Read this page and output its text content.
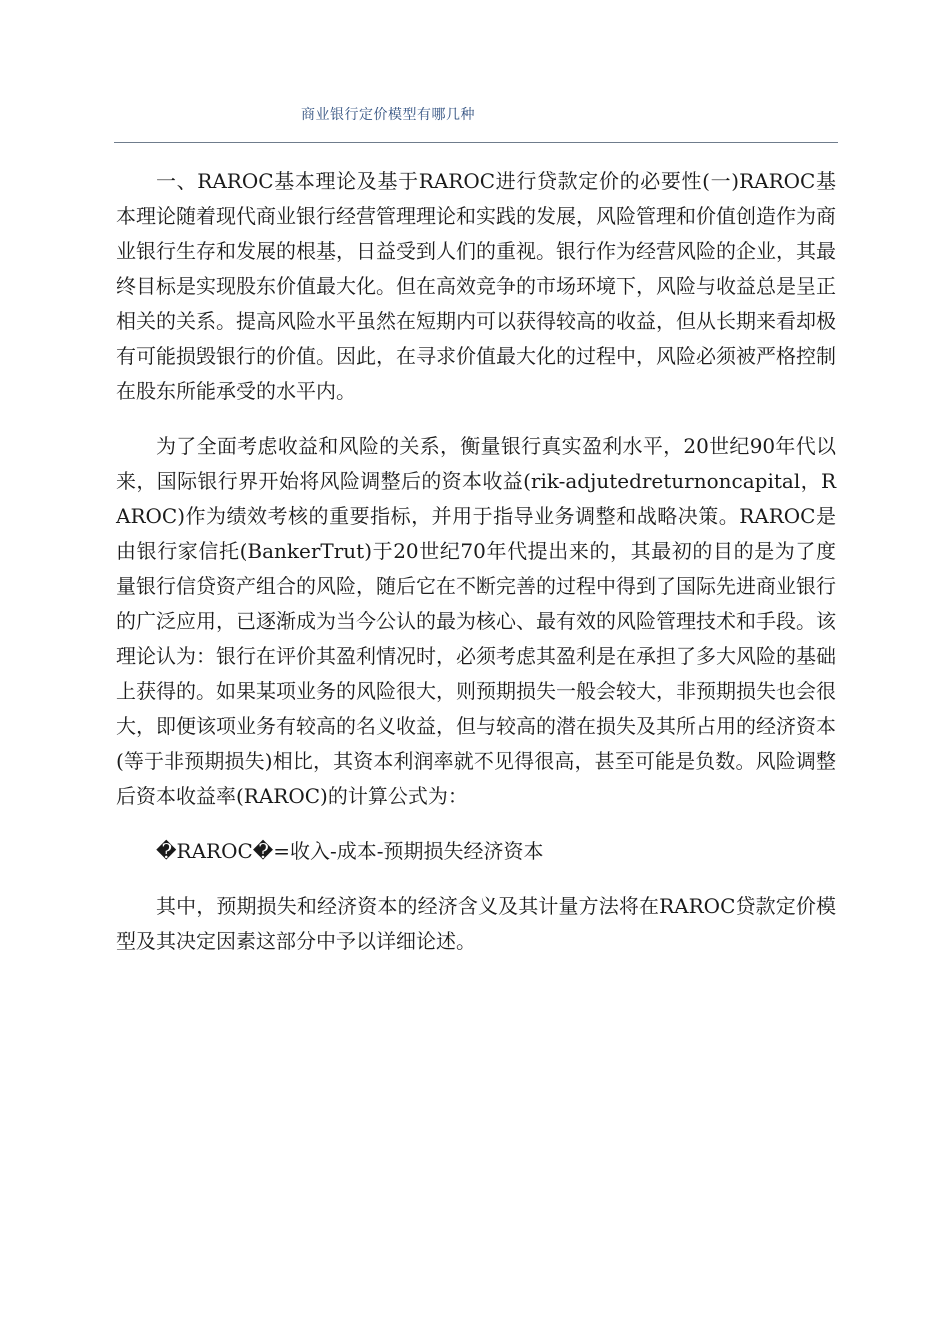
商业银行定价模型有哪几种

一、RAROC基本理论及基于RAROC进行贷款定价的必要性(一)RAROC基本理论随着现代商业银行经营管理理论和实践的发展，风险管理和价值创造作为商业银行生存和发展的根基，日益受到人们的重视。银行作为经营风险的企业，其最终目标是实现股东价值最大化。但在高效竞争的市场环境下，风险与收益总是呈正相关的关系。提高风险水平虽然在短期内可以获得较高的收益，但从长期来看却极有可能损毁银行的价值。因此，在寻求价值最大化的过程中，风险必须被严格控制在股东所能承受的水平内。

为了全面考虑收益和风险的关系，衡量银行真实盈利水平，20世纪90年代以来，国际银行界开始将风险调整后的资本收益(rik-adjutedreturnoncapital，RAROC)作为绩效考核的重要指标，并用于指导业务调整和战略决策。RAROC是由银行家信托(BankerTrut)于20世纪70年代提出来的，其最初的目的是为了度量银行信贷资产组合的风险，随后它在不断完善的过程中得到了国际先进商业银行的广泛应用，已逐渐成为当今公认的最为核心、最有效的风险管理技术和手段。该理论认为：银行在评价其盈利情况时，必须考虑其盈利是在承担了多大风险的基础上获得的。如果某项业务的风险很大，则预期损失一般会较大，非预期损失也会很大，即便该项业务有较高的名义收益，但与较高的潜在损失及其所占用的经济资本(等于非预期损失)相比，其资本利润率就不见得很高，甚至可能是负数。风险调整后资本收益率(RAROC)的计算公式为：

�RAROC�=收入-成本-预期损失经济资本

其中，预期损失和经济资本的经济含义及其计量方法将在RAROC贷款定价模型及其决定因素这部分中予以详细论述。
